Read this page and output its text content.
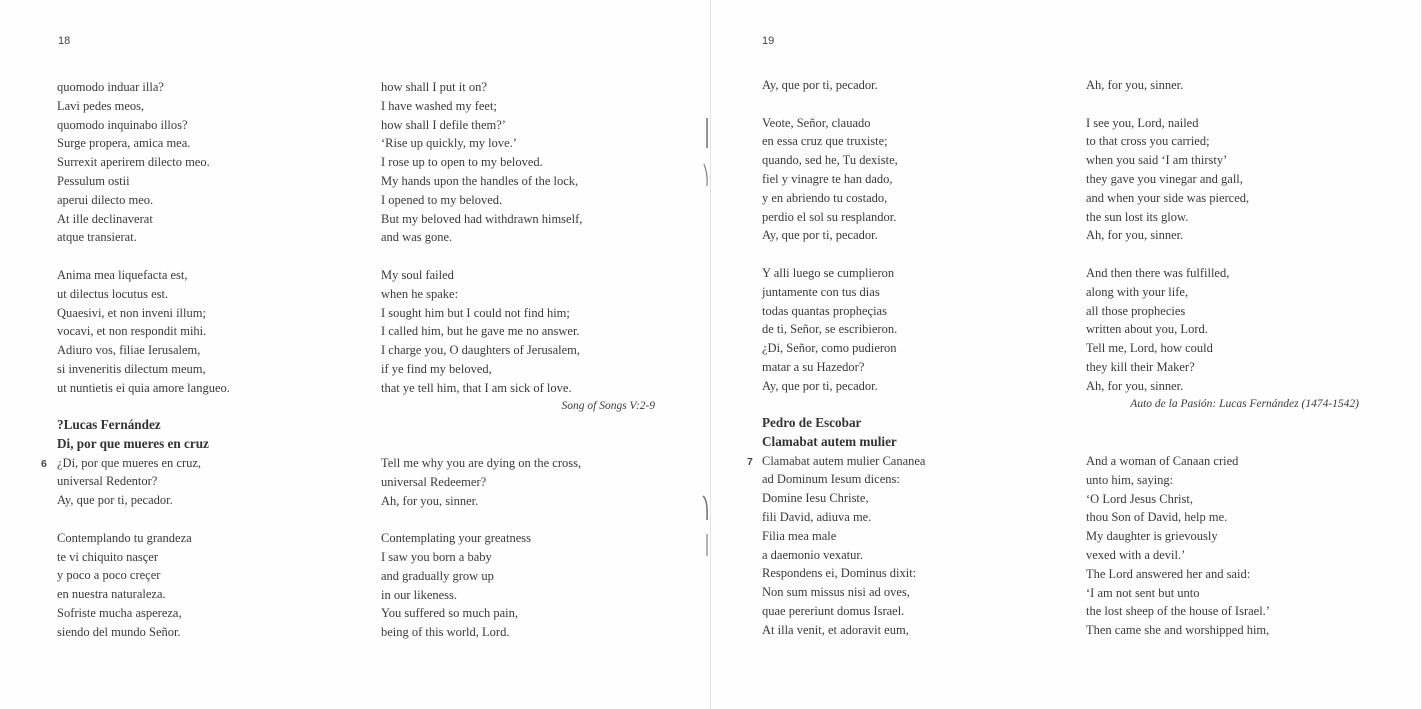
18
quomodo induar illa?
Lavi pedes meos,
quomodo inquinabo illos?
Surge propera, amica mea.
Surrexit aperirem dilecto meo.
Pessulum ostii
aperui dilecto meo.
At ille declinaverat
atque transierat.
Anima mea liquefacta est,
ut dilectus locutus est.
Quaesivi, et non inveni illum;
vocavi, et non respondit mihi.
Adiuro vos, filiae Ierusalem,
si inveneritis dilectum meum,
ut nuntietis ei quia amore langueo.
?Lucas Fernández
Di, por que mueres en cruz
¿Di, por que mueres en cruz,
universal Redentor?
Ay, que por ti, pecador.
Contemplando tu grandeza
te vi chiquito nasçer
y poco a poco creçer
en nuestra naturaleza.
Sofriste mucha aspereza,
siendo del mundo Señor.
6
how shall I put it on?
I have washed my feet;
how shall I defile them?’
‘Rise up quickly, my love.’
I rose up to open to my beloved.
My hands upon the handles of the lock,
I opened to my beloved.
But my beloved had withdrawn himself,
and was gone.
My soul failed
when he spake:
I sought him but I could not find him;
I called him, but he gave me no answer.
I charge you, O daughters of Jerusalem,
if ye find my beloved,
that ye tell him, that I am sick of love.
Song of Songs V:2-9
Tell me why you are dying on the cross,
universal Redeemer?
Ah, for you, sinner.
Contemplating your greatness
I saw you born a baby
and gradually grow up
in our likeness.
You suffered so much pain,
being of this world, Lord.
19
Ay, que por ti, pecador.
Veote, Señor, clauado
en essa cruz que truxiste;
quando, sed he, Tu dexiste,
fiel y vinagre te han dado,
y en abriendo tu costado,
perdio el sol su resplandor.
Ay, que por ti, pecador.
Y alli luego se cumplieron
juntamente con tus dias
todas quantas propheçias
de ti, Señor, se escribieron.
¿Di, Señor, como pudieron
matar a su Hazedor?
Ay, que por ti, pecador.
Pedro de Escobar
Clamabat autem mulier
Clamabat autem mulier Cananea
ad Dominum Iesum dicens:
Domine Iesu Christe,
fili David, adiuva me.
Filia mea male
a daemonio vexatur.
Respondens ei, Dominus dixit:
Non sum missus nisi ad oves,
quae pereriunt domus Israel.
At illa venit, et adoravit eum,
7
Ah, for you, sinner.
I see you, Lord, nailed
to that cross you carried;
when you said ‘I am thirsty’
they gave you vinegar and gall,
and when your side was pierced,
the sun lost its glow.
Ah, for you, sinner.
And then there was fulfilled,
along with your life,
all those prophecies
written about you, Lord.
Tell me, Lord, how could
they kill their Maker?
Ah, for you, sinner.
Auto de la Pasión: Lucas Fernández (1474-1542)
And a woman of Canaan cried
unto him, saying:
‘O Lord Jesus Christ,
thou Son of David, help me.
My daughter is grievously
vexed with a devil.’
The Lord answered her and said:
‘I am not sent but unto
the lost sheep of the house of Israel.’
Then came she and worshipped him,
